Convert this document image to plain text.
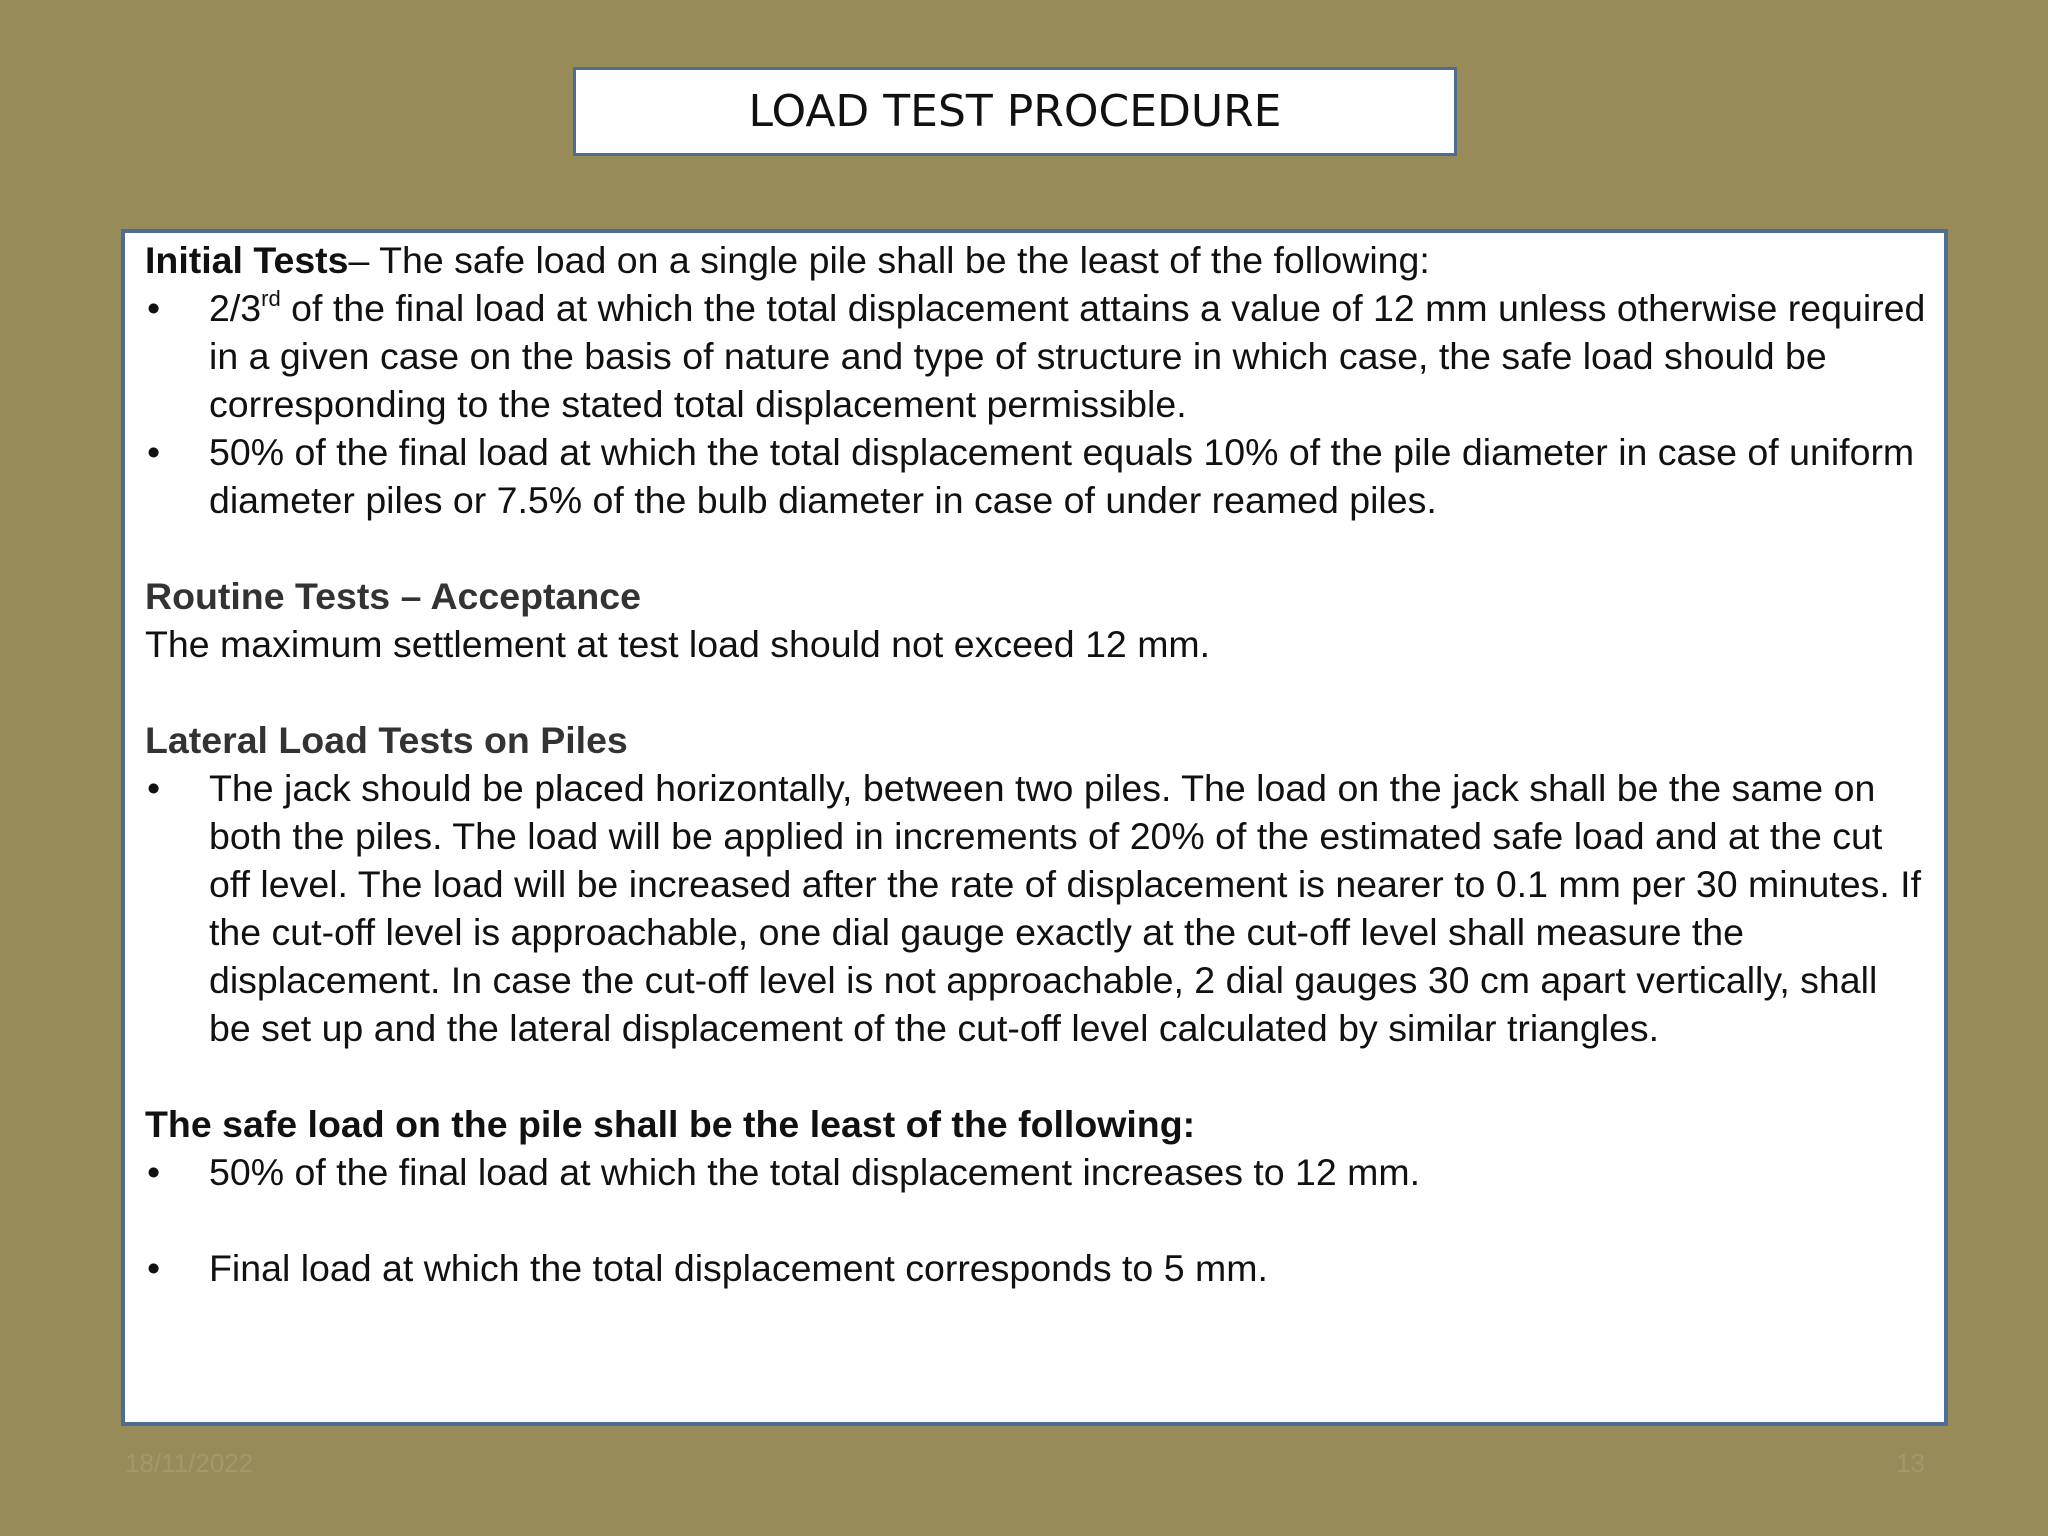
LOAD TEST PROCEDURE

Initial Tests– The safe load on a single pile shall be the least of the following:

•	2/3rd of the final load at which the total displacement attains a value of 12 mm unless otherwise required in a given case on the basis of nature and type of structure in which case, the safe load should be corresponding to the stated total displacement permissible.
•	50% of the final load at which the total displacement equals 10% of the pile diameter in case of uniform diameter piles or 7.5% of the bulb diameter in case of under reamed piles.

Routine Tests – Acceptance

The maximum settlement at test load should not exceed 12 mm.

Lateral Load Tests on Piles

•	The jack should be placed horizontally, between two piles. The load on the jack shall be the same on both the piles. The load will be applied in increments of 20% of the estimated safe load and at the cut off level. The load will be increased after the rate of displacement is nearer to 0.1 mm per 30 minutes. If the cut-off level is approachable, one dial gauge exactly at the cut-off level shall measure the displacement. In case the cut-off level is not approachable, 2 dial gauges 30 cm apart vertically, shall be set up and the lateral displacement of the cut-off level calculated by similar triangles.

The safe load on the pile shall be the least of the following:

•	50% of the final load at which the total displacement increases to 12 mm.
•	Final load at which the total displacement corresponds to 5 mm.
18/11/2022	13
